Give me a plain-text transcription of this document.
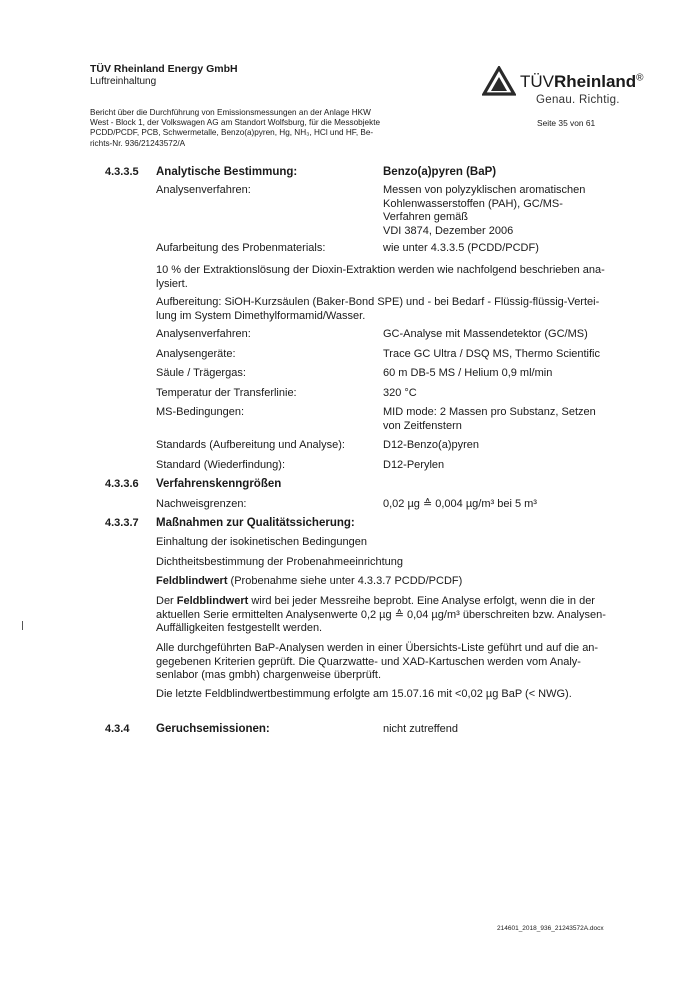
TÜV Rheinland Energy GmbH
Luftreinhaltung
Bericht über die Durchführung von Emissionsmessungen an der Anlage HKW
West - Block 1, der Volkswagen AG am Standort Wolfsburg, für die Messobjekte
PCDD/PCDF, PCB, Schwermetalle, Benzo(a)pyren, Hg, NH₃, HCl und HF, Be-
richts-Nr. 936/21243572/A
Seite 35 von 61
TÜVRheinland®
Genau. Richtig.
4.3.3.5 Analytische Bestimmung:	Benzo(a)pyren (BaP)
Analysenverfahren:	Messen von polyzyklischen aromatischen
Kohlenwasserstoffen (PAH), GC/MS-
Verfahren gemäß
VDI 3874, Dezember 2006
Aufarbeitung des Probenmaterials:	wie unter 4.3.3.5 (PCDD/PCDF)
10 % der Extraktionslösung der Dioxin-Extraktion werden wie nachfolgend beschrieben ana-
lysiert.
Aufbereitung: SiOH-Kurzsäulen (Baker-Bond SPE) und - bei Bedarf - Flüssig-flüssig-Vertei-
lung im System Dimethylformamid/Wasser.
Analysenverfahren:	GC-Analyse mit Massendetektor (GC/MS)
Analysengeräte:	Trace GC Ultra / DSQ MS, Thermo Scientific
Säule / Trägergas:	60 m DB-5 MS / Helium 0,9 ml/min
Temperatur der Transferlinie:	320 °C
MS-Bedingungen:	MID mode: 2 Massen pro Substanz, Setzen
von Zeitfenstern
Standards (Aufbereitung und Analyse):	D12-Benzo(a)pyren
Standard (Wiederfindung):	D12-Perylen
4.3.3.6 Verfahrenskenngrößen
Nachweisgrenzen:	0,02 µg ≙ 0,004 µg/m³ bei 5 m³
4.3.3.7 Maßnahmen zur Qualitätssicherung:
Einhaltung der isokinetischen Bedingungen
Dichtheitsbestimmung der Probenahmeeinrichtung
Feldblindwert (Probenahme siehe unter 4.3.3.7 PCDD/PCDF)
Der Feldblindwert wird bei jeder Messreihe beprobt. Eine Analyse erfolgt, wenn die in der
aktuellen Serie ermittelten Analysenwerte 0,2 µg ≙ 0,04 µg/m³ überschreiten bzw. Analysen-
Auffälligkeiten festgestellt werden.
Alle durchgeführten BaP-Analysen werden in einer Übersichts-Liste geführt und auf die an-
gegebenen Kriterien geprüft. Die Quarzwatte- und XAD-Kartuschen werden vom Analy-
senlabor (mas gmbh) chargenweise überprüft.
Die letzte Feldblindwertbestimmung erfolgte am 15.07.16 mit <0,02 µg BaP (< NWG).
4.3.4 Geruchsemissionen:	nicht zutreffend
214601_2018_936_21243572A.docx
